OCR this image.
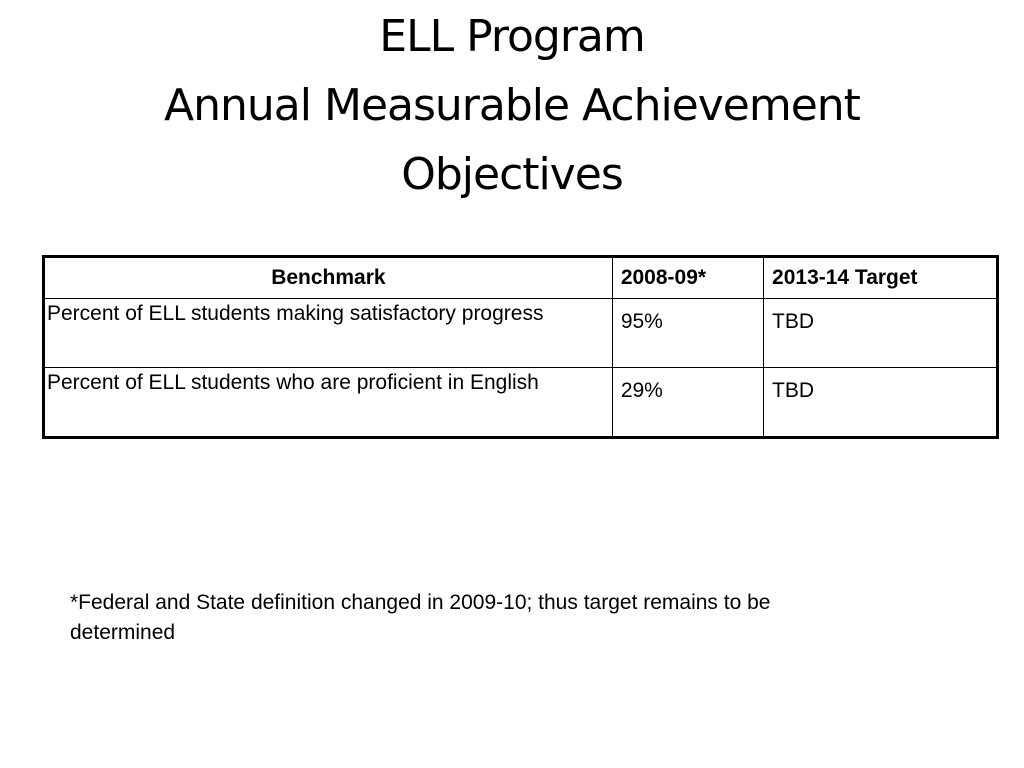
ELL Program
Annual Measurable Achievement
Objectives
Benchmark	2008-09*	2013-14 Target
Percent of ELL students making satisfactory progress	95%	TBD
Percent of ELL students who are proficient in English	29%	TBD
*Federal and State definition changed in 2009-10; thus target remains to be determined
